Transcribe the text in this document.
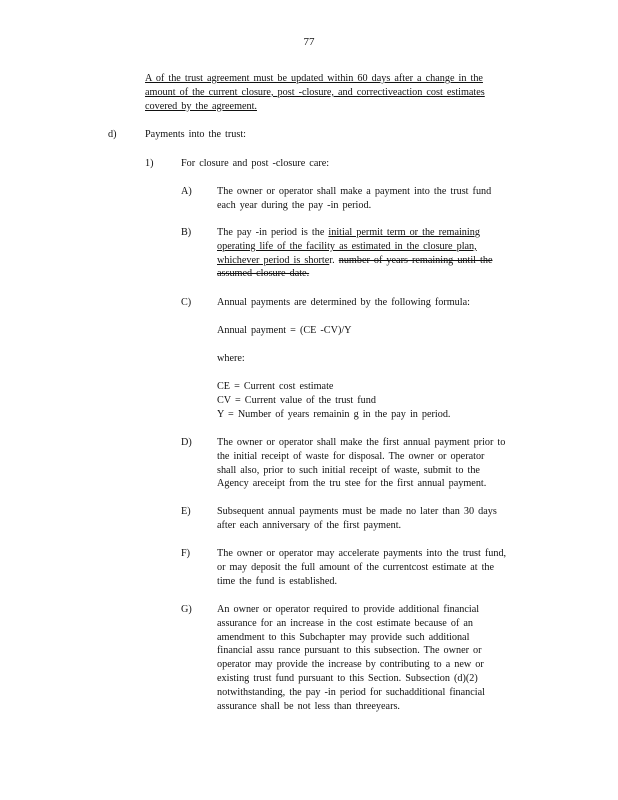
77
A of the trust agreement must be updated within 60 days after a change in the
amount of the current closure, post -closure, and correctiveaction cost estimates
covered by the agreement.
d)	Payments into the trust:
1)	For closure and post -closure care:
A) The owner or operator shall make a payment into the trust fund
each year during the pay -in period.
B)	The pay -in period is the initial permit term or the remaining
operating life of the facility as estimated in the closure plan,
whichever period is shorter. number of years remaining until the
assumed closure date.
C)	Annual payments are determined by the following formula:
Annual payment = (CE -CV)/Y
where:
CE = Current cost estimate
CV = Current value of the trust fund
Y = Number of years remainin g in the pay in period.
D) The owner or operator shall make the first annual payment prior to
the initial receipt of waste for disposal. The owner or operator
shall also, prior to such initial receipt of waste, submit to the
Agency areceipt from the tru stee for the first annual payment.
E)	Subsequent annual payments must be made no later than 30 days
after each anniversary of the first payment.
F)	The owner or operator may accelerate payments into the trust fund,
or may deposit the full amount of the currentcost estimate at the
time the fund is established.
G) An owner or operator required to provide additional financial
assurance for an increase in the cost estimate because of an
amendment to this Subchapter may provide such additional
financial assu rance pursuant to this subsection. The owner or
operator may provide the increase by contributing to a new or
existing trust fund pursuant to this Section. Subsection (d)(2)
notwithstanding, the pay -in period for suchadditional financial
assurance shall be not less than threeyears.
